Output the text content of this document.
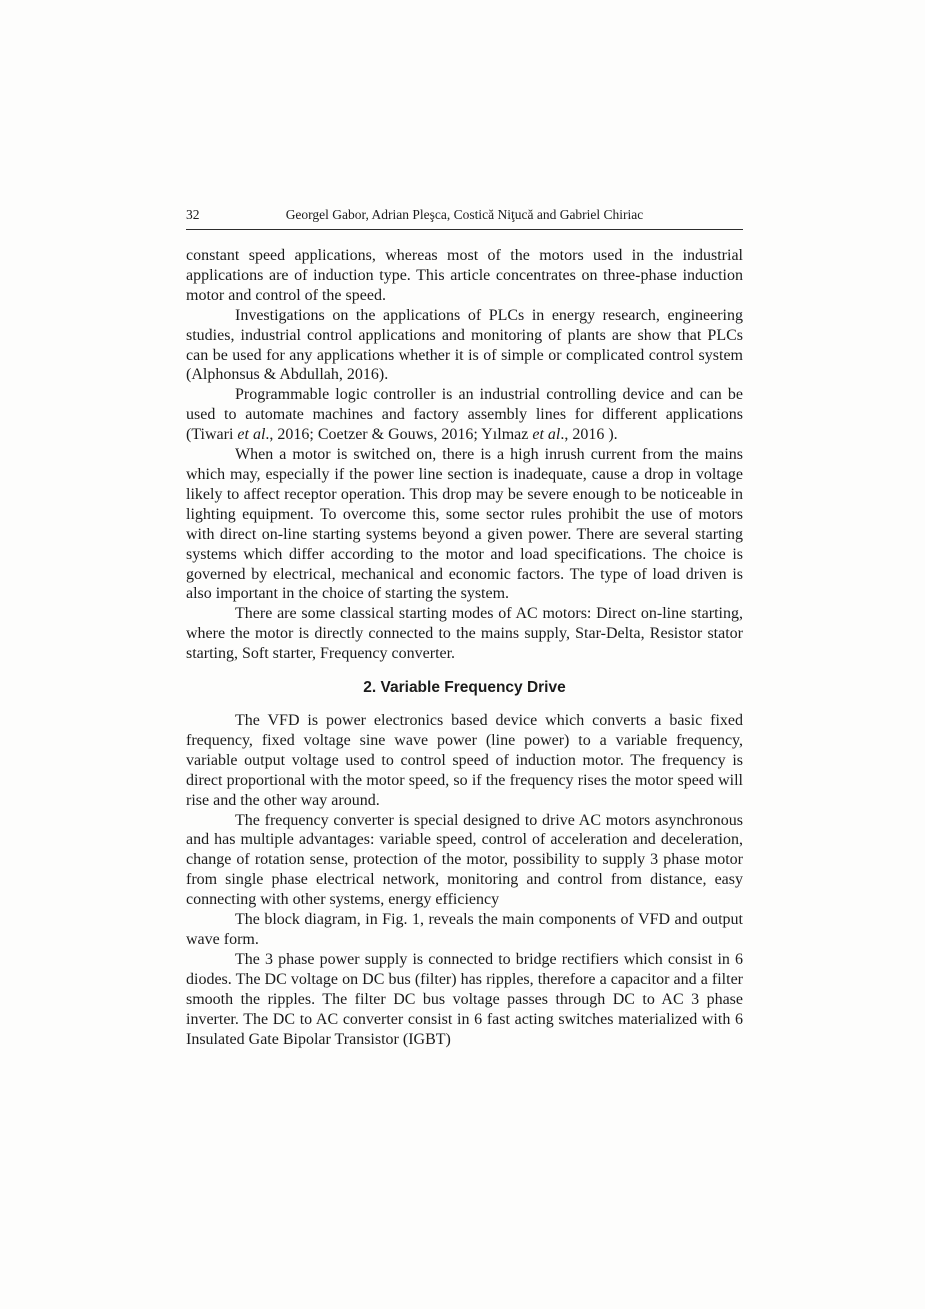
32	Georgel Gabor, Adrian Pleşca, Costică Niţucă and Gabriel Chiriac

constant speed applications, whereas most of the motors used in the industrial applications are of induction type. This article concentrates on three-phase induction motor and control of the speed.

Investigations on the applications of PLCs in energy research, engineering studies, industrial control applications and monitoring of plants are show that PLCs can be used for any applications whether it is of simple or complicated control system (Alphonsus & Abdullah, 2016).

Programmable logic controller is an industrial controlling device and can be used to automate machines and factory assembly lines for different applications (Tiwari et al., 2016; Coetzer & Gouws, 2016; Yılmaz et al., 2016 ).

When a motor is switched on, there is a high inrush current from the mains which may, especially if the power line section is inadequate, cause a drop in voltage likely to affect receptor operation. This drop may be severe enough to be noticeable in lighting equipment. To overcome this, some sector rules prohibit the use of motors with direct on-line starting systems beyond a given power. There are several starting systems which differ according to the motor and load specifications. The choice is governed by electrical, mechanical and economic factors. The type of load driven is also important in the choice of starting the system.

There are some classical starting modes of AC motors: Direct on-line starting, where the motor is directly connected to the mains supply, Star-Delta, Resistor stator starting, Soft starter, Frequency converter.

2. Variable Frequency Drive

The VFD is power electronics based device which converts a basic fixed frequency, fixed voltage sine wave power (line power) to a variable frequency, variable output voltage used to control speed of induction motor. The frequency is direct proportional with the motor speed, so if the frequency rises the motor speed will rise and the other way around.

The frequency converter is special designed to drive AC motors asynchronous and has multiple advantages: variable speed, control of acceleration and deceleration, change of rotation sense, protection of the motor, possibility to supply 3 phase motor from single phase electrical network, monitoring and control from distance, easy connecting with other systems, energy efficiency

The block diagram, in Fig. 1, reveals the main components of VFD and output wave form.

The 3 phase power supply is connected to bridge rectifiers which consist in 6 diodes. The DC voltage on DC bus (filter) has ripples, therefore a capacitor and a filter smooth the ripples. The filter DC bus voltage passes through DC to AC 3 phase inverter. The DC to AC converter consist in 6 fast acting switches materialized with 6 Insulated Gate Bipolar Transistor (IGBT)
